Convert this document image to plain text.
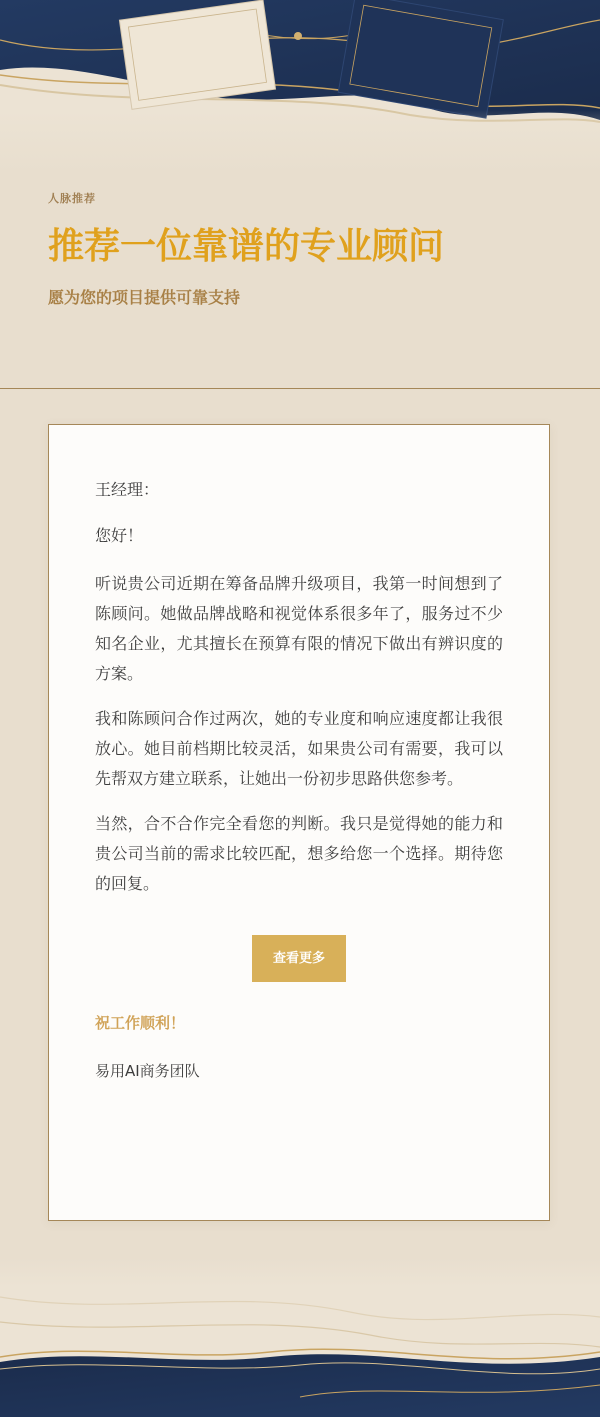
人脉推荐

推荐一位靠谱的专业顾问

愿为您的项目提供可靠支持

王经理：

您好！

听说贵公司近期在筹备品牌升级项目，我第一时间想到了陈顾问。她做品牌战略和视觉体系很多年了，服务过不少知名企业，尤其擅长在预算有限的情况下做出有辨识度的方案。

我和陈顾问合作过两次，她的专业度和响应速度都让我很放心。她目前档期比较灵活，如果贵公司有需要，我可以先帮双方建立联系，让她出一份初步思路供您参考。

当然，合不合作完全看您的判断。我只是觉得她的能力和贵公司当前的需求比较匹配，想多给您一个选择。期待您的回复。

查看更多

祝工作顺利！

易用AI商务团队
